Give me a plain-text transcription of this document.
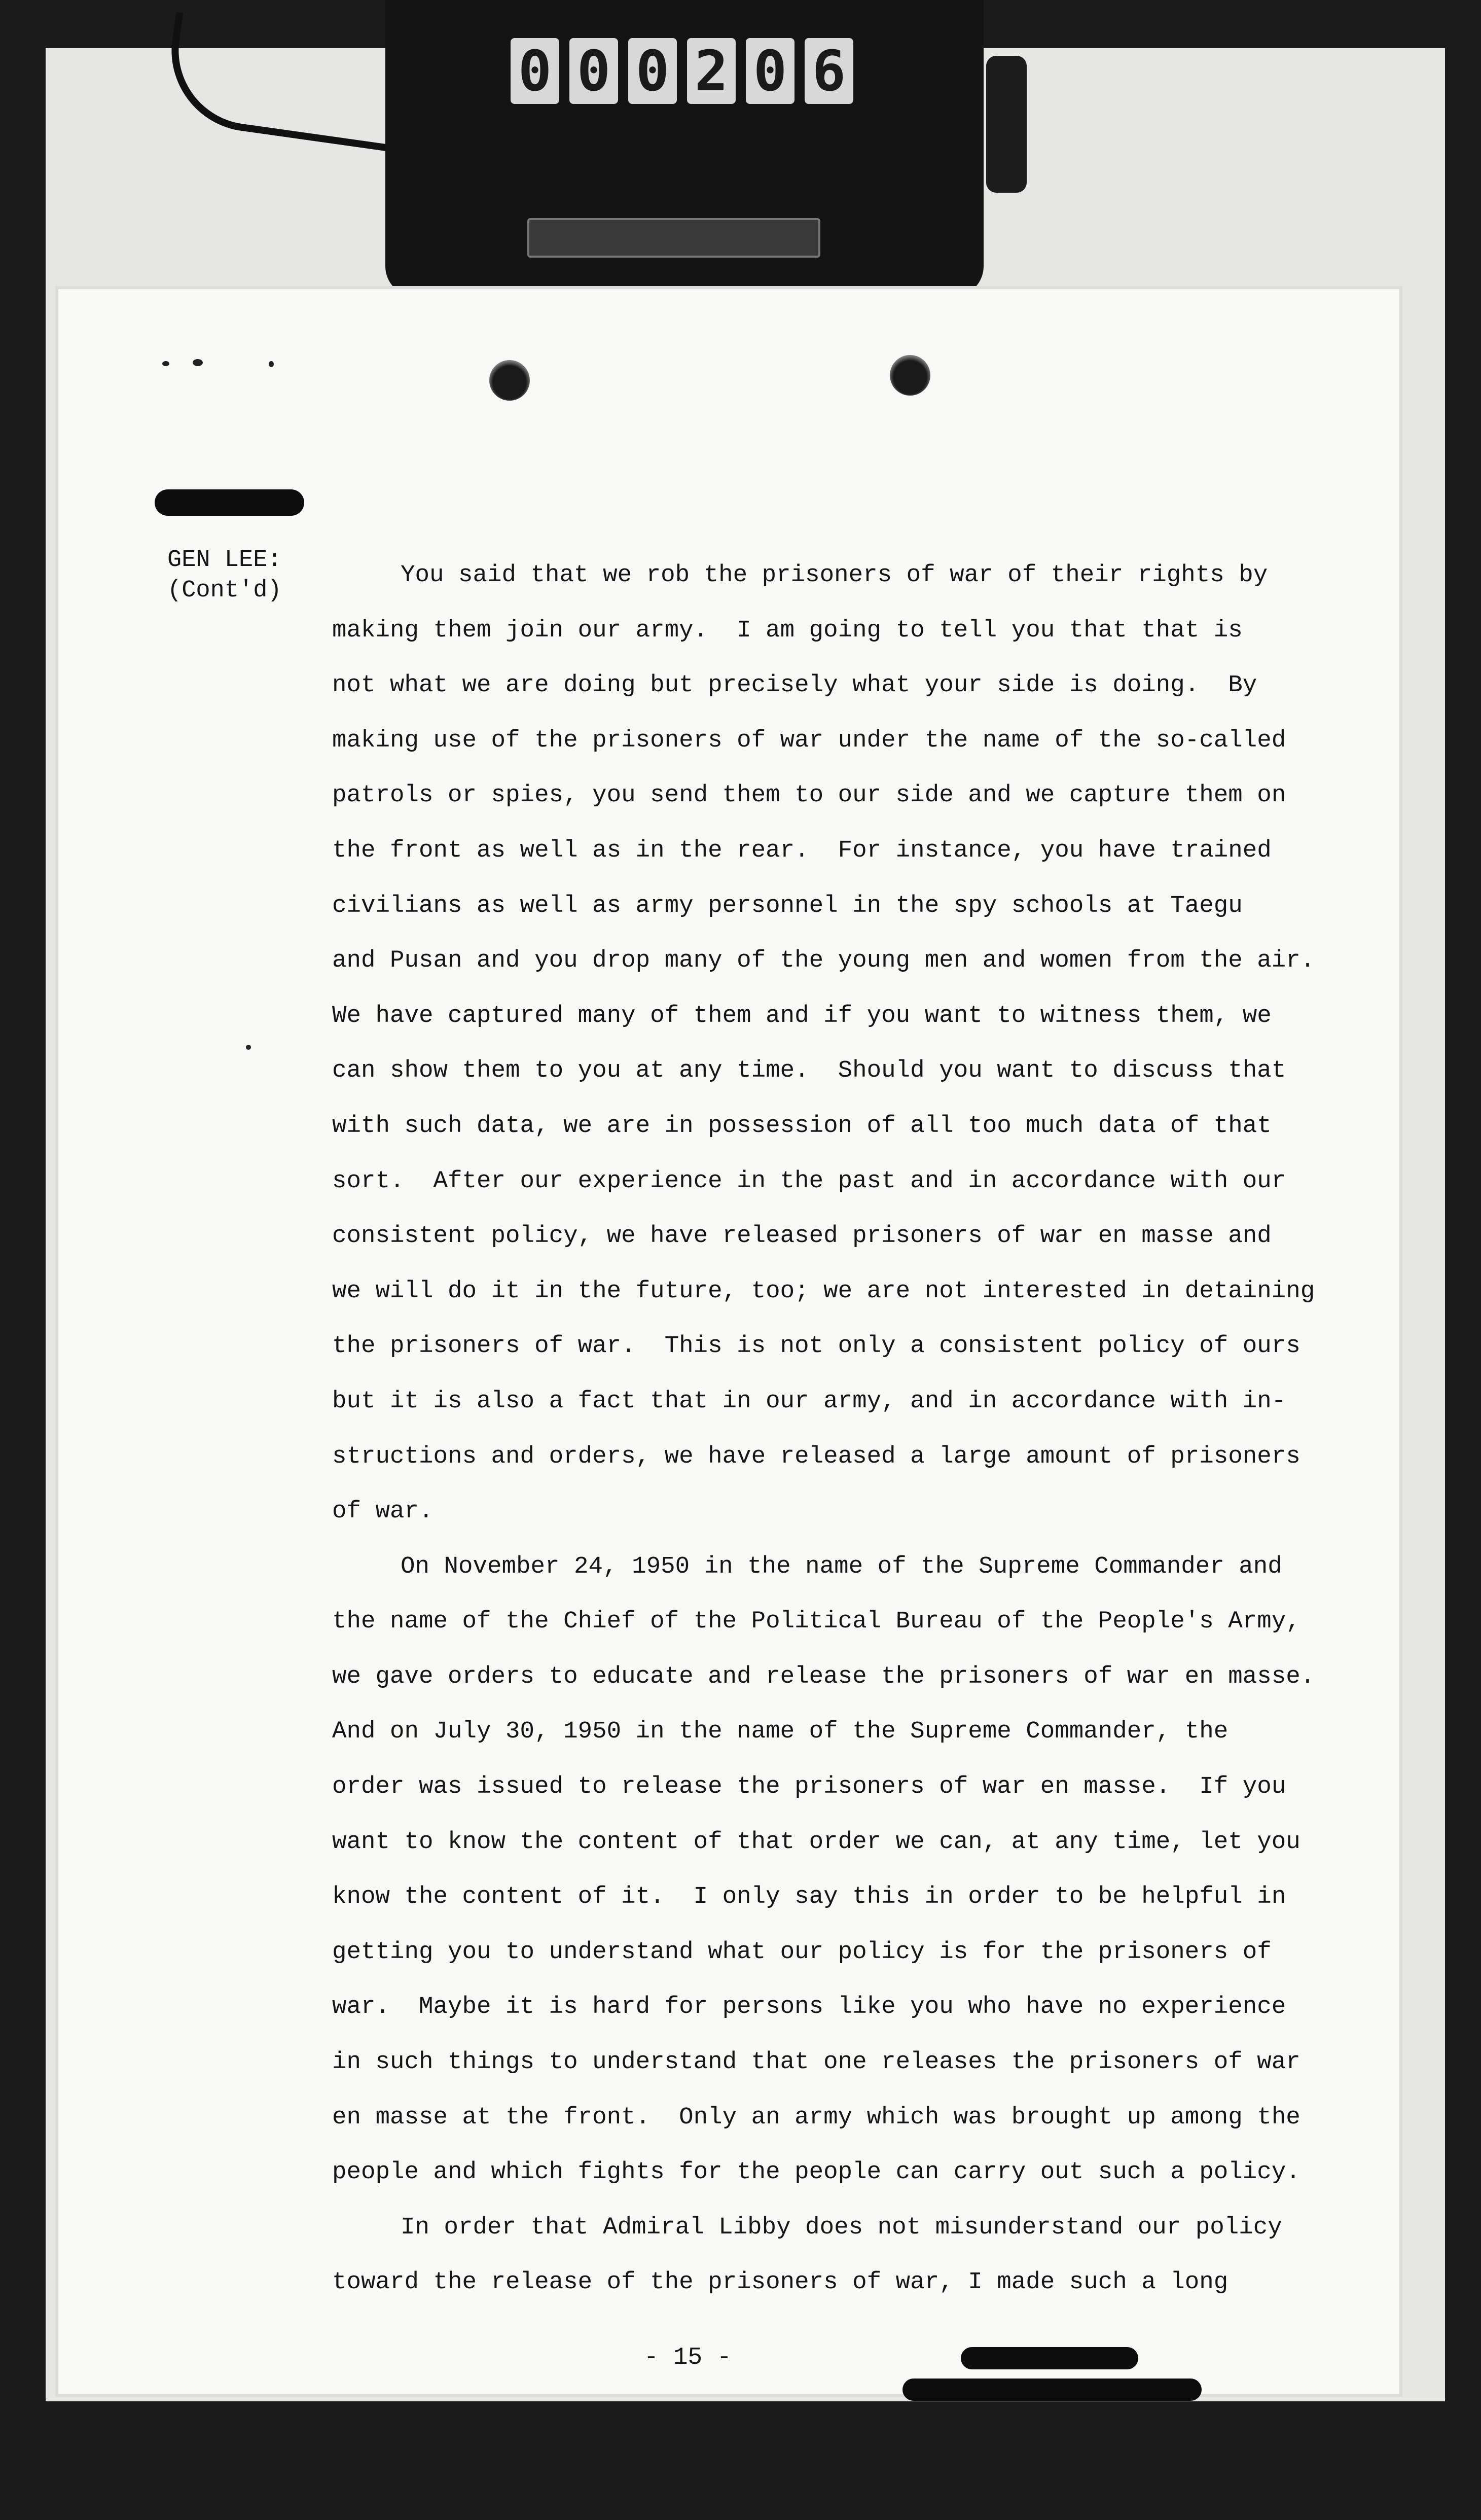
0 0 0 2 0 6
GEN LEE:
(Cont'd)
You said that we rob the prisoners of war of their rights by
making them join our army.  I am going to tell you that that is
not what we are doing but precisely what your side is doing.  By
making use of the prisoners of war under the name of the so-called
patrols or spies, you send them to our side and we capture them on
the front as well as in the rear.  For instance, you have trained
civilians as well as army personnel in the spy schools at Taegu
and Pusan and you drop many of the young men and women from the air.
We have captured many of them and if you want to witness them, we
can show them to you at any time.  Should you want to discuss that
with such data, we are in possession of all too much data of that
sort.  After our experience in the past and in accordance with our
consistent policy, we have released prisoners of war en masse and
we will do it in the future, too; we are not interested in detaining
the prisoners of war.  This is not only a consistent policy of ours
but it is also a fact that in our army, and in accordance with in-
structions and orders, we have released a large amount of prisoners
of war.
On November 24, 1950 in the name of the Supreme Commander and
the name of the Chief of the Political Bureau of the People's Army,
we gave orders to educate and release the prisoners of war en masse.
And on July 30, 1950 in the name of the Supreme Commander, the
order was issued to release the prisoners of war en masse.  If you
want to know the content of that order we can, at any time, let you
know the content of it.  I only say this in order to be helpful in
getting you to understand what our policy is for the prisoners of
war.  Maybe it is hard for persons like you who have no experience
in such things to understand that one releases the prisoners of war
en masse at the front.  Only an army which was brought up among the
people and which fights for the people can carry out such a policy.
In order that Admiral Libby does not misunderstand our policy
toward the release of the prisoners of war, I made such a long
- 15 -
